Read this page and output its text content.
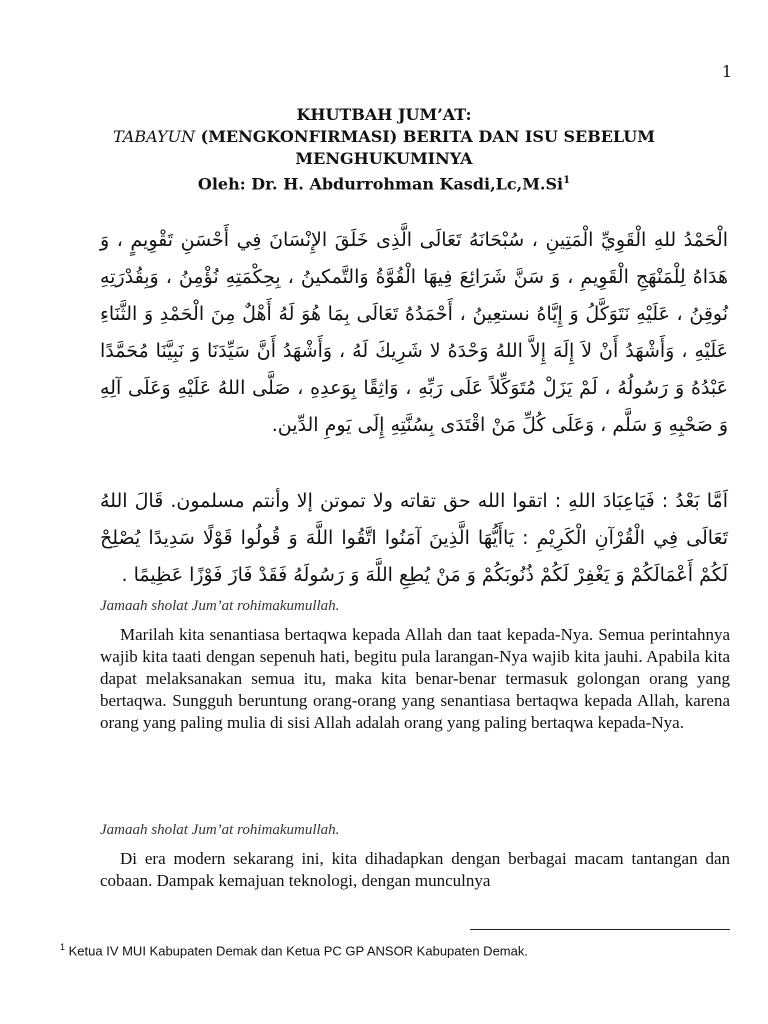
1
KHUTBAH JUM’AT:
TABAYUN (MENGKONFIRMASI) BERITA DAN ISU SEBELUM MENGHUKUMINYA
Oleh: Dr. H. Abdurrohman Kasdi,Lc,M.Si$^1$
الْحَمْدُ للهِ الْقَوِيِّ الْمَتِينِ ، سُبْحَانَهُ تَعَالَى الَّذِى خَلَقَ الإِنْسَانَ فِي أَحْسَنِ تَقْوِيمٍ ، وَ هَدَاهُ لِلْمَنْهَجِ الْقَوِيمِ ، وَ سَنَّ شَرَائِعَ فِيهَا الْقُوَّةُ وَالتَّمكينُ ، بِحِكْمَتِهِ نُؤْمِنُ ، وَبِقُدْرَتِهِ نُوقِنُ ، عَلَيْهِ نَتَوَكَّلُ وَ إِيَّاهُ نستعِينُ ، أَحْمَدُهُ تَعَالَى بِمَا هُوَ لَهُ أَهْلٌ مِنَ الْحَمْدِ وَ الثَّنَاءِ عَلَيْهِ ، وَأَشْهَدُ أَنْ لاَ إِلَهَ إِلاَّ اللهُ وَحْدَهُ لا شَرِيكَ لَهُ ، وَأَشْهَدُ أَنَّ سَيِّدَنَا وَ نَبِيَّنَا مُحَمَّدًا عَبْدُهُ وَ رَسُولُهُ ، لَمْ يَزَلْ مُتَوَكِّلاً عَلَى رَبِّهِ ، وَاثِقًا بِوَعدِهِ ، صَلَّى اللهُ عَلَيْهِ وَعَلَى آلِهِ وَ صَحْبِهِ وَ سَلَّم ، وَعَلَى كُلِّ مَنْ اقْتَدَى بِسُنَّتِهِ إِلَى يَومِ الدِّين.
اَمَّا بَعْدُ : فَيَاعِبَادَ اللهِ : اتقوا الله حق تقاته ولا تموتن إلا وأنتم مسلمون. قَالَ اللهُ تَعَالَى فِي الْقُرْآنِ الْكَرِيْمِ : يَاأَيُّهَا الَّذِينَ آمَنُوا اتَّقُوا اللَّهَ وَ قُولُوا قَوْلًا سَدِيدًا يُصْلِحْ لَكُمْ أَعْمَالَكُمْ وَ يَغْفِرْ لَكُمْ ذُنُوبَكُمْ وَ مَنْ يُطِعِ اللَّهَ وَ رَسُولَهُ فَقَدْ فَازَ فَوْزًا عَظِيمًا .
Jamaah sholat Jum’at rohimakumullah.
Marilah kita senantiasa bertaqwa kepada Allah dan taat kepada-Nya. Semua perintahnya wajib kita taati dengan sepenuh hati, begitu pula larangan-Nya wajib kita jauhi. Apabila kita dapat melaksanakan semua itu, maka kita benar-benar termasuk golongan orang yang bertaqwa. Sungguh beruntung orang-orang yang senantiasa bertaqwa kepada Allah, karena orang yang paling mulia di sisi Allah adalah orang yang paling bertaqwa kepada-Nya.
Jamaah sholat Jum’at rohimakumullah.
Di era modern sekarang ini, kita dihadapkan dengan berbagai macam tantangan dan cobaan. Dampak kemajuan teknologi, dengan munculnya
$^1$ Ketua IV MUI Kabupaten Demak dan Ketua PC GP ANSOR Kabupaten Demak.
